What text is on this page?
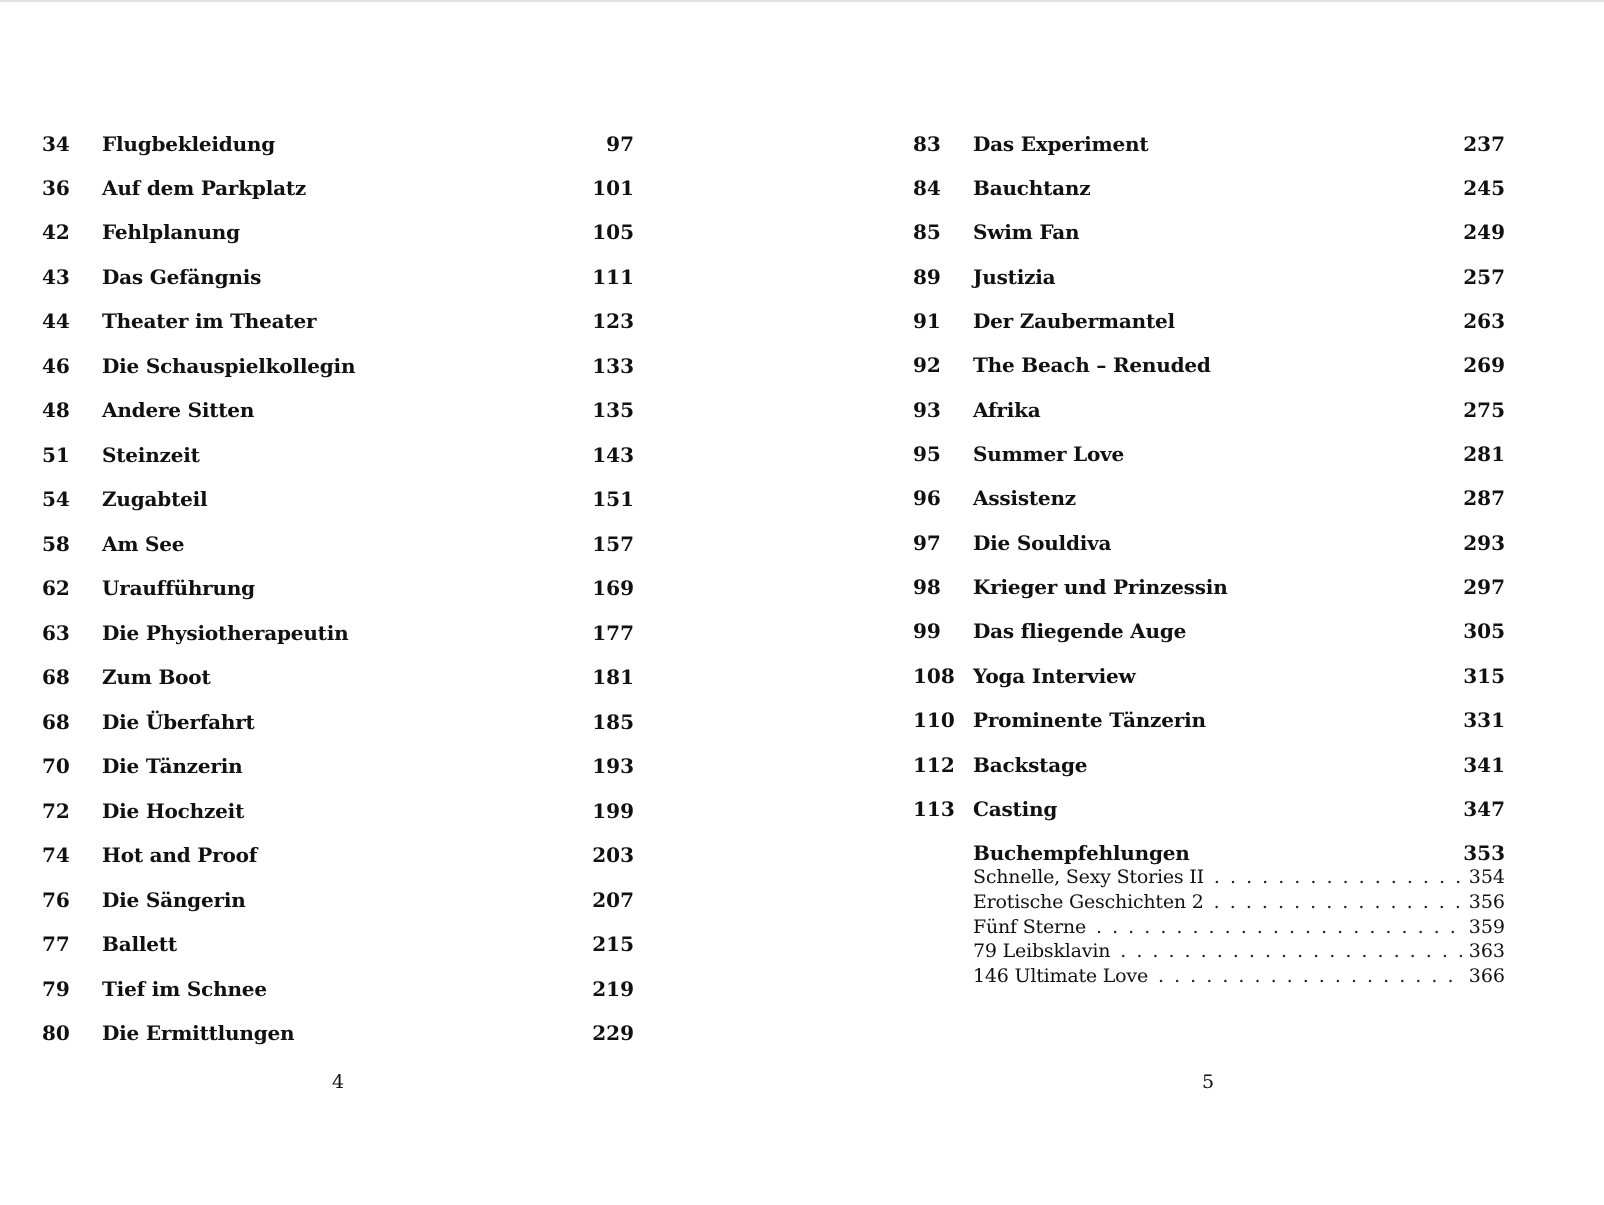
34 Flugbekleidung	97
36 Auf dem Parkplatz	101
42 Fehlplanung	105
43 Das Gefängnis	111
44 Theater im Theater	123
46 Die Schauspielkollegin	133
48 Andere Sitten	135
51 Steinzeit	143
54 Zugabteil	151
58 Am See	157
62 Uraufführung	169
63 Die Physiotherapeutin	177
68 Zum Boot	181
68 Die Überfahrt	185
70 Die Tänzerin	193
72 Die Hochzeit	199
74 Hot and Proof	203
76 Die Sängerin	207
77 Ballett	215
79 Tief im Schnee	219
80 Die Ermittlungen	229
4
83 Das Experiment	237
84 Bauchtanz	245
85 Swim Fan	249
89 Justizia	257
91 Der Zaubermantel	263
92 The Beach – Renuded	269
93 Afrika	275
95 Summer Love	281
96 Assistenz	287
97 Die Souldiva	293
98 Krieger und Prinzessin	297
99 Das fliegende Auge	305
108 Yoga Interview	315
110 Prominente Tänzerin	331
112 Backstage	341
113 Casting	347
Buchempfehlungen	353
Schnelle, Sexy Stories II . . .	354
Erotische Geschichten 2 . . .	356
Fünf Sterne . . .	359
79 Leibsklavin . . .	363
146 Ultimate Love . . .	366
5
